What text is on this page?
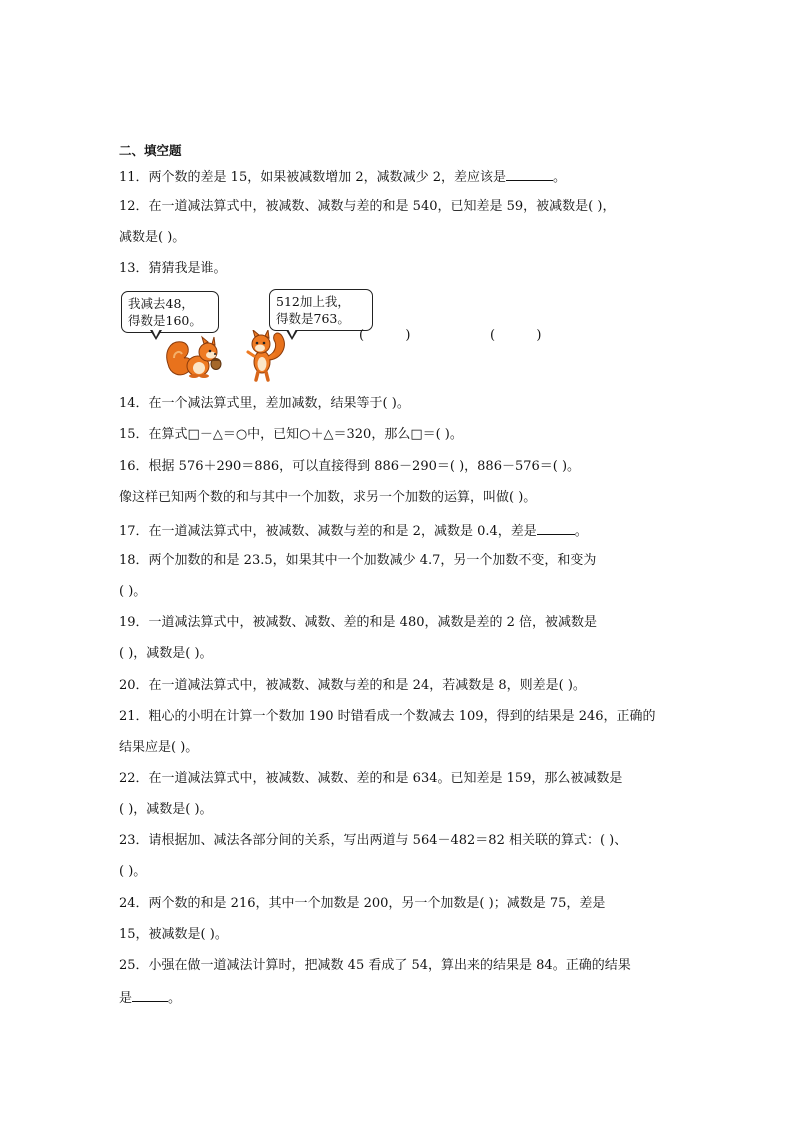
二、填空题
11．两个数的差是 15，如果被减数增加 2，减数减少 2，差应该是	。
12．在一道减法算式中，被减数、减数与差的和是 540，已知差是 59，被减数是( )，
减数是( )。
13．猜猜我是谁。
我减去48，
得数是160。
512加上我，
得数是763。
(          )	(          )
14．在一个减法算式里，差加减数，结果等于( )。
15．在算式□－△＝○中，已知○＋△＝320，那么□＝( )。
16．根据 576＋290＝886，可以直接得到 886－290＝( )，886－576＝( )。
像这样已知两个数的和与其中一个加数，求另一个加数的运算，叫做( )。
17．在一道减法算式中，被减数、减数与差的和是 2，减数是 0.4，差是	。
18．两个加数的和是 23.5，如果其中一个加数减少 4.7，另一个加数不变，和变为
( )。
19．一道减法算式中，被减数、减数、差的和是 480，减数是差的 2 倍，被减数是
( )，减数是( )。
20．在一道减法算式中，被减数、减数与差的和是 24，若减数是 8，则差是( )。
21．粗心的小明在计算一个数加 190 时错看成一个数减去 109，得到的结果是 246，正确的
结果应是( )。
22．在一道减法算式中，被减数、减数、差的和是 634。已知差是 159，那么被减数是
( )，减数是( )。
23．请根据加、减法各部分间的关系，写出两道与 564－482＝82 相关联的算式：( )、
( )。
24．两个数的和是 216，其中一个加数是 200，另一个加数是( )；减数是 75，差是
15，被减数是( )。
25．小强在做一道减法计算时，把减数 45 看成了 54，算出来的结果是 84。正确的结果
是	。
